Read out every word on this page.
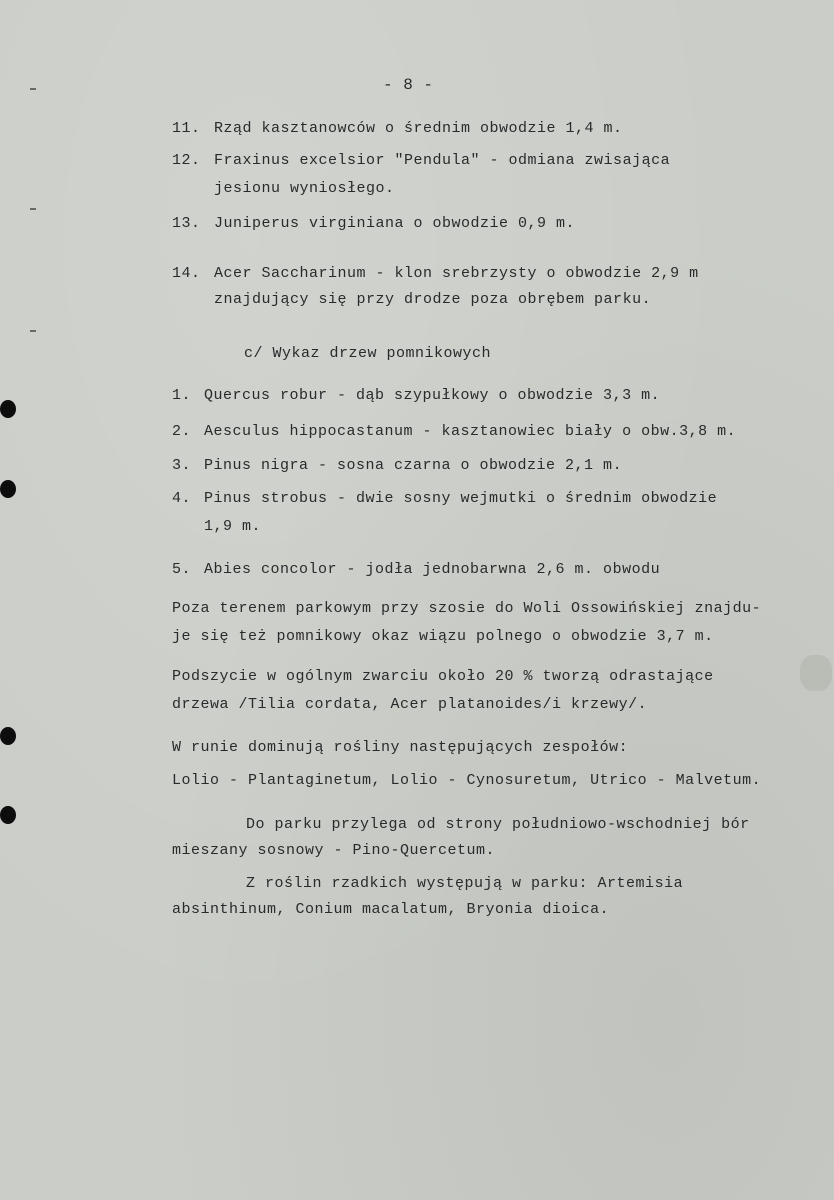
- 8 -
11. Rząd kasztanowców o średnim obwodzie 1,4 m.
12. Fraxinus excelsior "Pendula" - odmiana zwisająca
jesionu wyniosłego.
13. Juniperus virginiana o obwodzie 0,9 m.
14. Acer Saccharinum - klon srebrzysty o obwodzie 2,9 m
znajdujący się przy drodze poza obrębem parku.
c/ Wykaz drzew pomnikowych
1. Quercus robur - dąb szypułkowy o obwodzie 3,3 m.
2. Aesculus hippocastanum - kasztanowiec biały o obw.3,8 m.
3. Pinus nigra - sosna czarna o obwodzie 2,1 m.
4. Pinus strobus - dwie sosny wejmutki o średnim obwodzie
1,9 m.
5. Abies concolor - jodła jednobarwna 2,6 m. obwodu
Poza terenem parkowym przy szosie do Woli Ossowińskiej znajdu-
je się też pomnikowy okaz wiązu polnego o obwodzie 3,7 m.
Podszycie w ogólnym zwarciu około 20 % tworzą odrastające
drzewa /Tilia cordata, Acer platanoides/i krzewy/.
W runie dominują rośliny następujących zespołów:
Lolio - Plantaginetum, Lolio - Cynosuretum, Utrico - Malvetum.
Do parku przylega od strony południowo-wschodniej bór
mieszany sosnowy - Pino-Quercetum.
Z roślin rzadkich występują w parku: Artemisia
absinthinum, Conium macalatum, Bryonia dioica.
